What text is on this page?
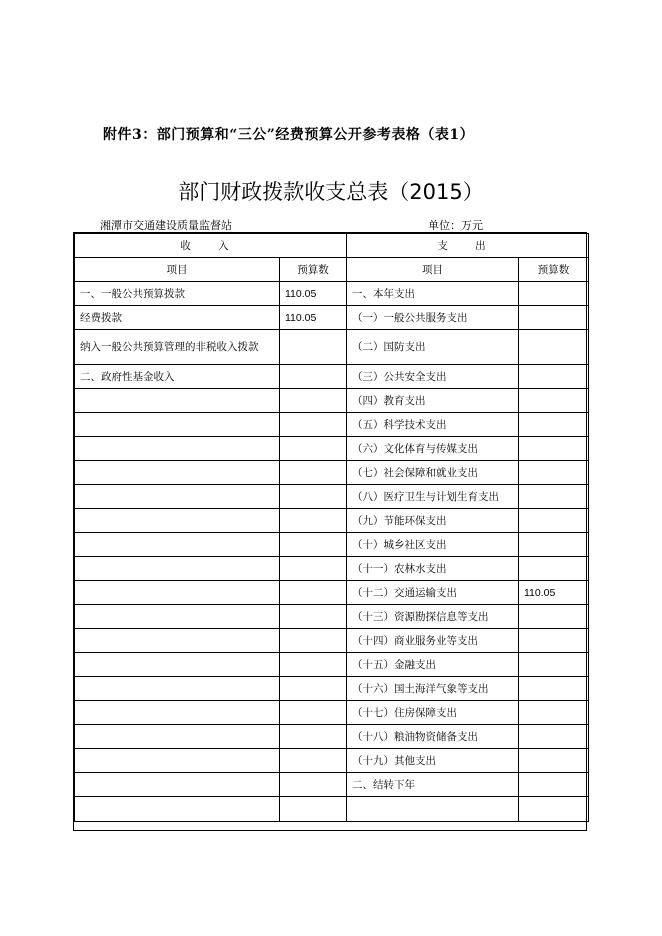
附件3：部门预算和“三公”经费预算公开参考表格（表1）
部门财政拨款收支总表（2015）
湘潭市交通建设质量监督站	单位：万元
收 入		支 出	
项目	预算数	项目	预算数
一、一般公共预算拨款	110.05	一、本年支出	
经费拨款	110.05	（一）一般公共服务支出	
纳入一般公共预算管理的非税收入拨款		（二）国防支出	
二、政府性基金收入		（三）公共安全支出	
		（四）教育支出	
		（五）科学技术支出	
		（六）文化体育与传媒支出	
		（七）社会保障和就业支出	
		（八）医疗卫生与计划生育支出	
		（九）节能环保支出	
		（十）城乡社区支出	
		（十一）农林水支出	
		（十二）交通运输支出	110.05
		（十三）资源勘探信息等支出	
		（十四）商业服务业等支出	
		（十五）金融支出	
		（十六）国土海洋气象等支出	
		（十七）住房保障支出	
		（十八）粮油物资储备支出	
		（十九）其他支出	
		二、结转下年	
